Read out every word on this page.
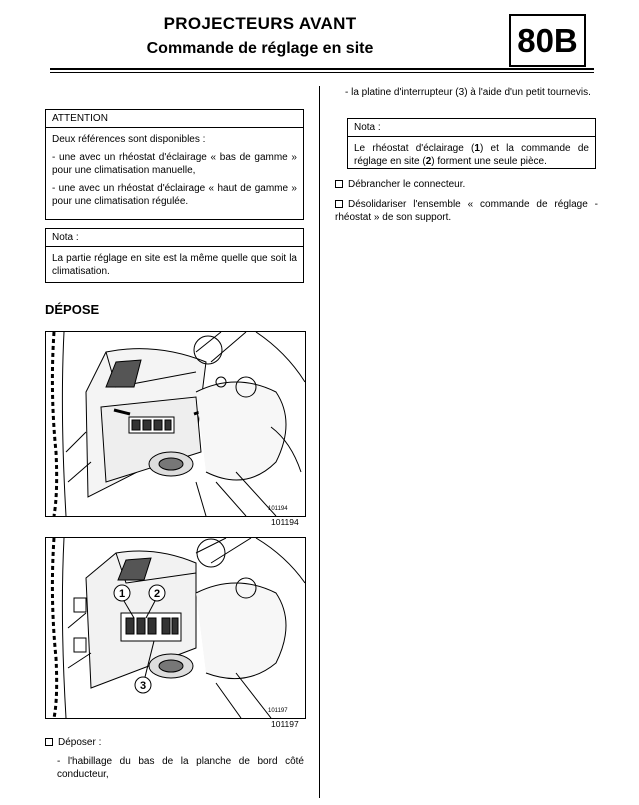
PROJECTEURS AVANT
Commande de réglage en site	80B
ATTENTION

Deux références sont disponibles :

- une avec un rhéostat d'éclairage « bas de gamme » pour une climatisation manuelle,

- une avec un rhéostat d'éclairage « haut de gamme » pour une climatisation régulée.

Nota :
La partie réglage en site est la même quelle que soit la climatisation.
DÉPOSE
101194
101194
1	2
3
101197
101197
Déposer :
- l'habillage du bas de la planche de bord côté conducteur,
- la platine d'interrupteur (3) à l'aide d'un petit tournevis.
Nota :
Le rhéostat d'éclairage (1) et la commande de réglage en site (2) forment une seule pièce.
Débrancher le connecteur.
Désolidariser l'ensemble « commande de réglage - rhéostat » de son support.
